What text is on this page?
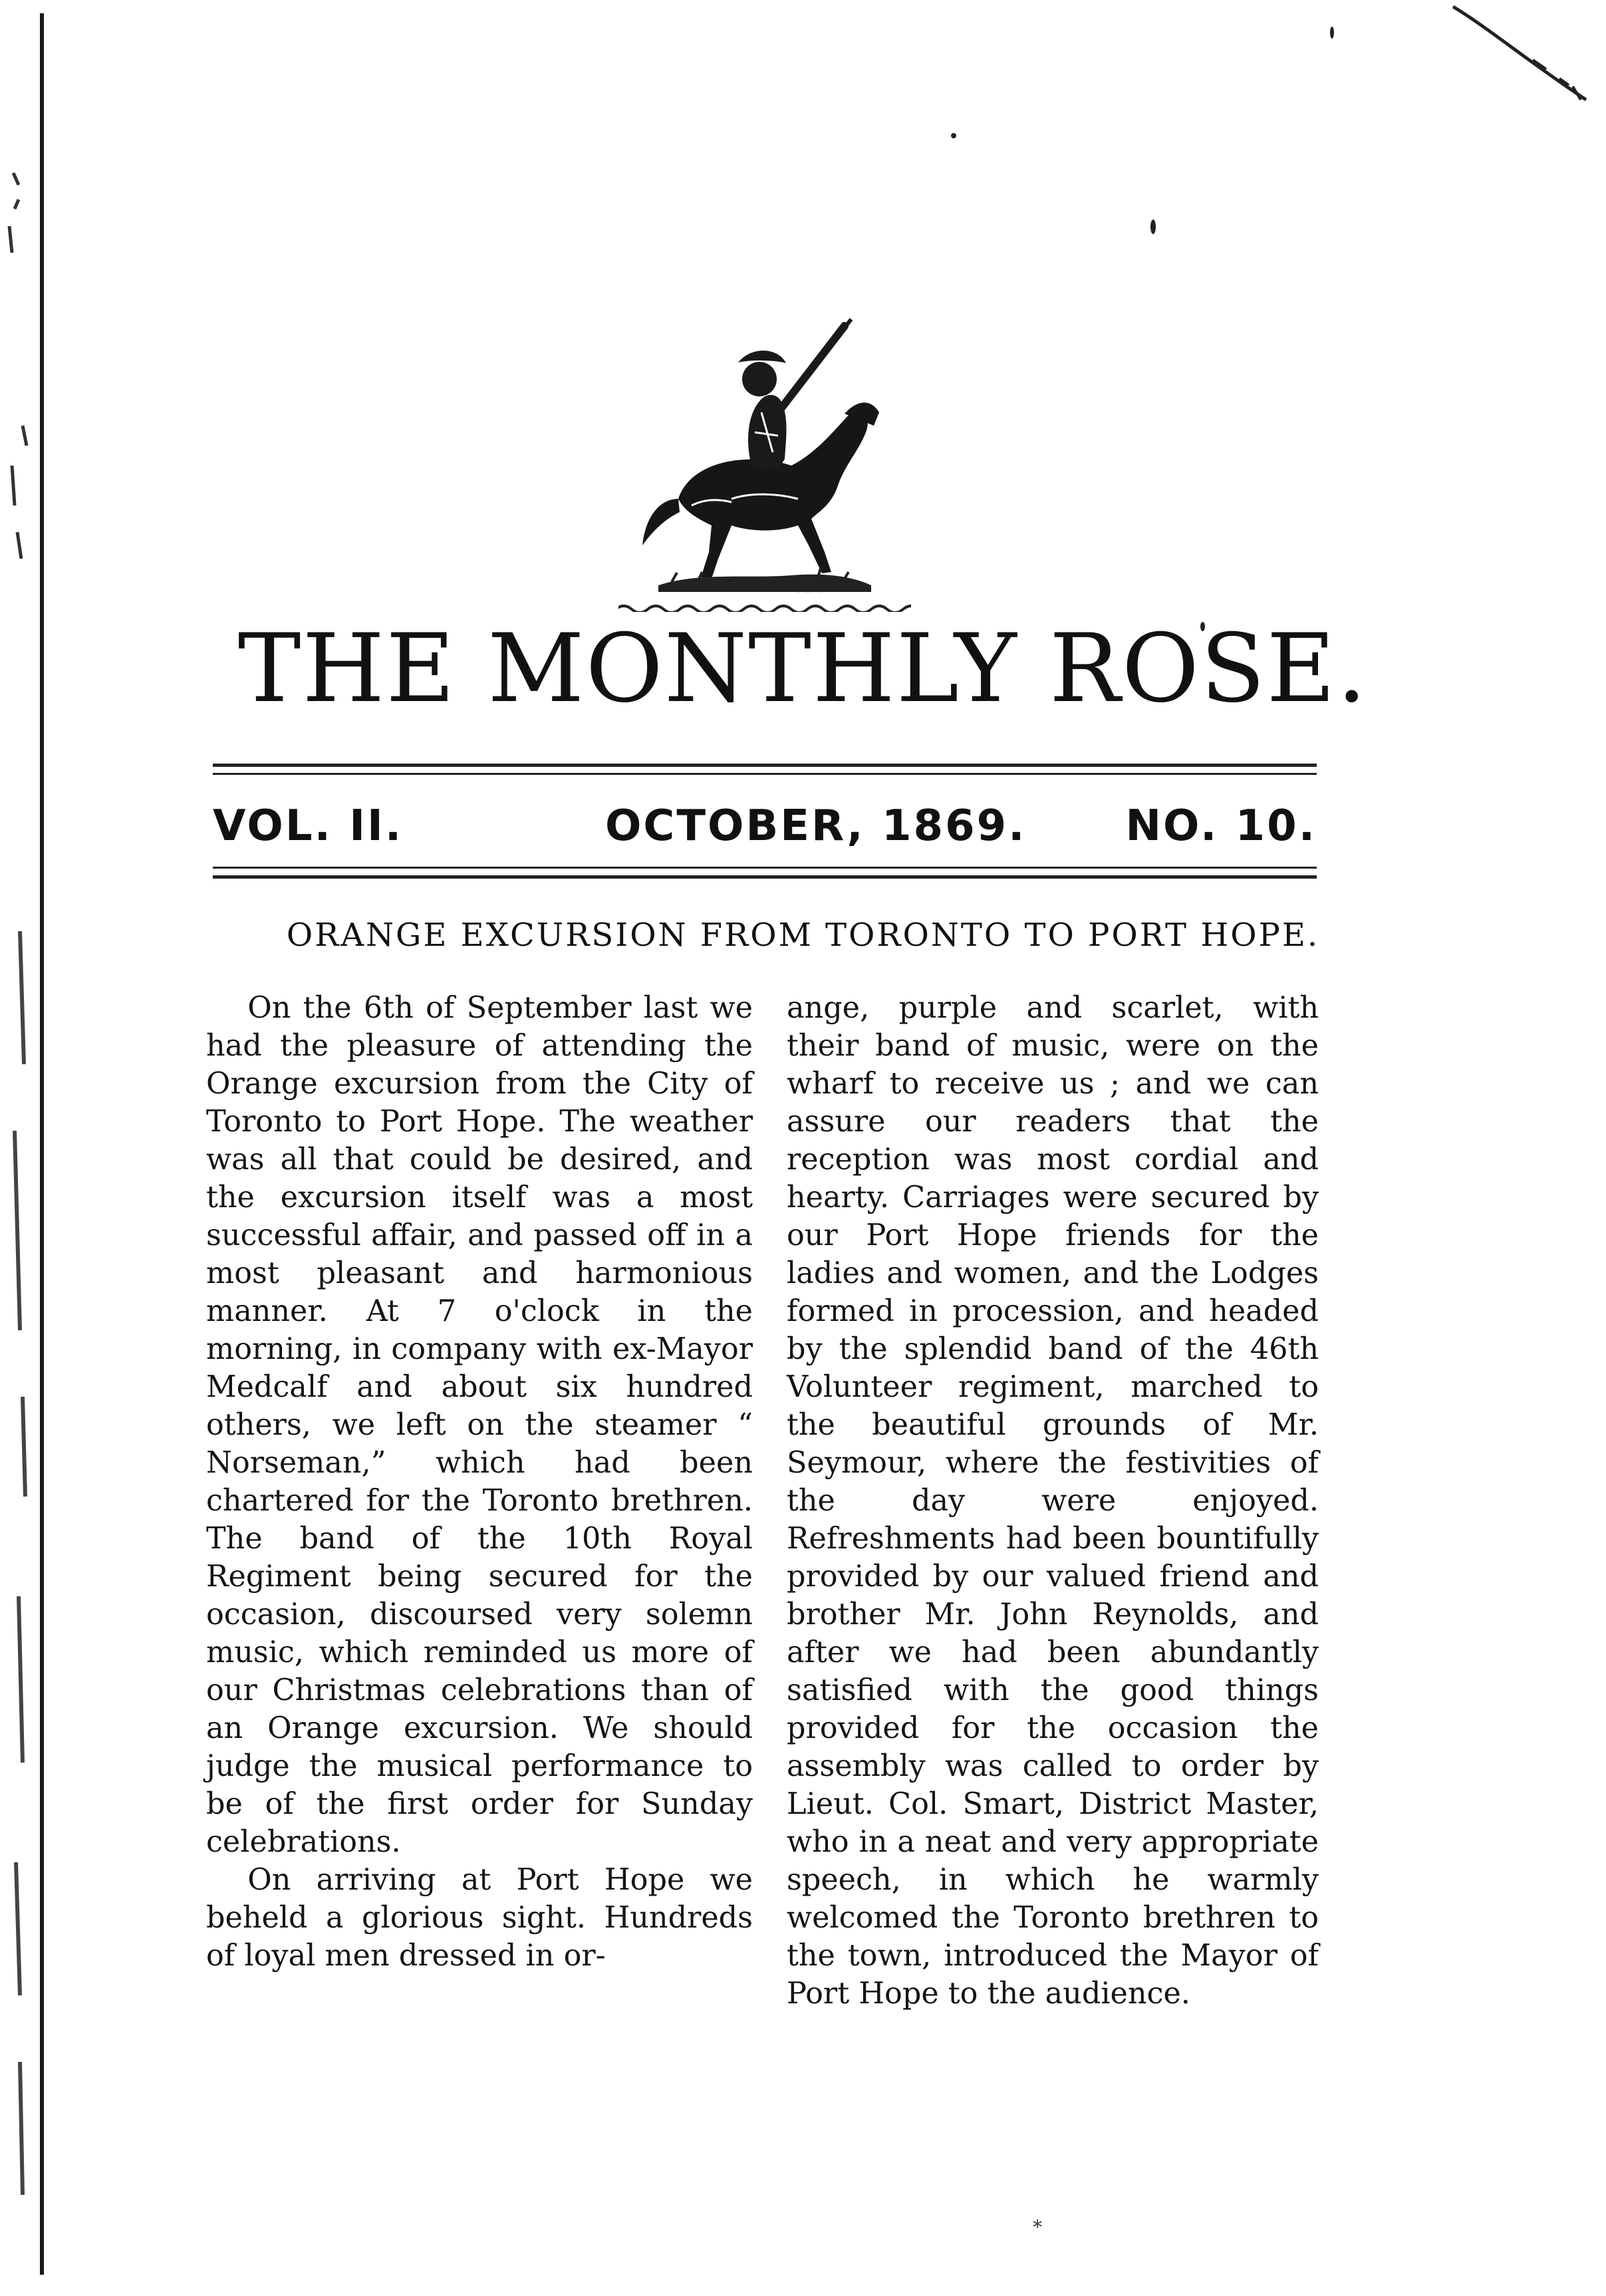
1690
THE MONTHLY ROSE.
VOL. II.	OCTOBER, 1869. NO. 10.
ORANGE EXCURSION FROM TORONTO TO PORT HOPE.

On the 6th of September last we had the pleasure of attending the Orange excursion from the City of Toronto to Port Hope. The weather was all that could be desired, and the excursion itself was a most successful affair, and passed off in a most pleasant and harmonious manner. At 7 o'clock in the morning, in company with ex-Mayor Medcalf and about six hundred others, we left on the steamer “ Norseman,” which had been chartered for the Toronto brethren. The band of the 10th Royal Regiment being secured for the occasion, discoursed very solemn music, which reminded us more of our Christmas celebrations than of an Orange excursion. We should judge the musical performance to be of the first order for Sunday celebrations.

On arriving at Port Hope we beheld a glorious sight. Hundreds of loyal men dressed in or-

ange, purple and scarlet, with their band of music, were on the wharf to receive us ; and we can assure our readers that the reception was most cordial and hearty. Carriages were secured by our Port Hope friends for the ladies and women, and the Lodges formed in procession, and headed by the splendid band of the 46th Volunteer regiment, marched to the beautiful grounds of Mr. Seymour, where the festivities of the day were enjoyed. Refreshments had been bountifully provided by our valued friend and brother Mr. John Reynolds, and after we had been abundantly satisfied with the good things provided for the occasion the assembly was called to order by Lieut. Col. Smart, District Master, who in a neat and very appropriate speech, in which he warmly welcomed the Toronto brethren to the town, introduced the Mayor of Port Hope to the audience.

*
